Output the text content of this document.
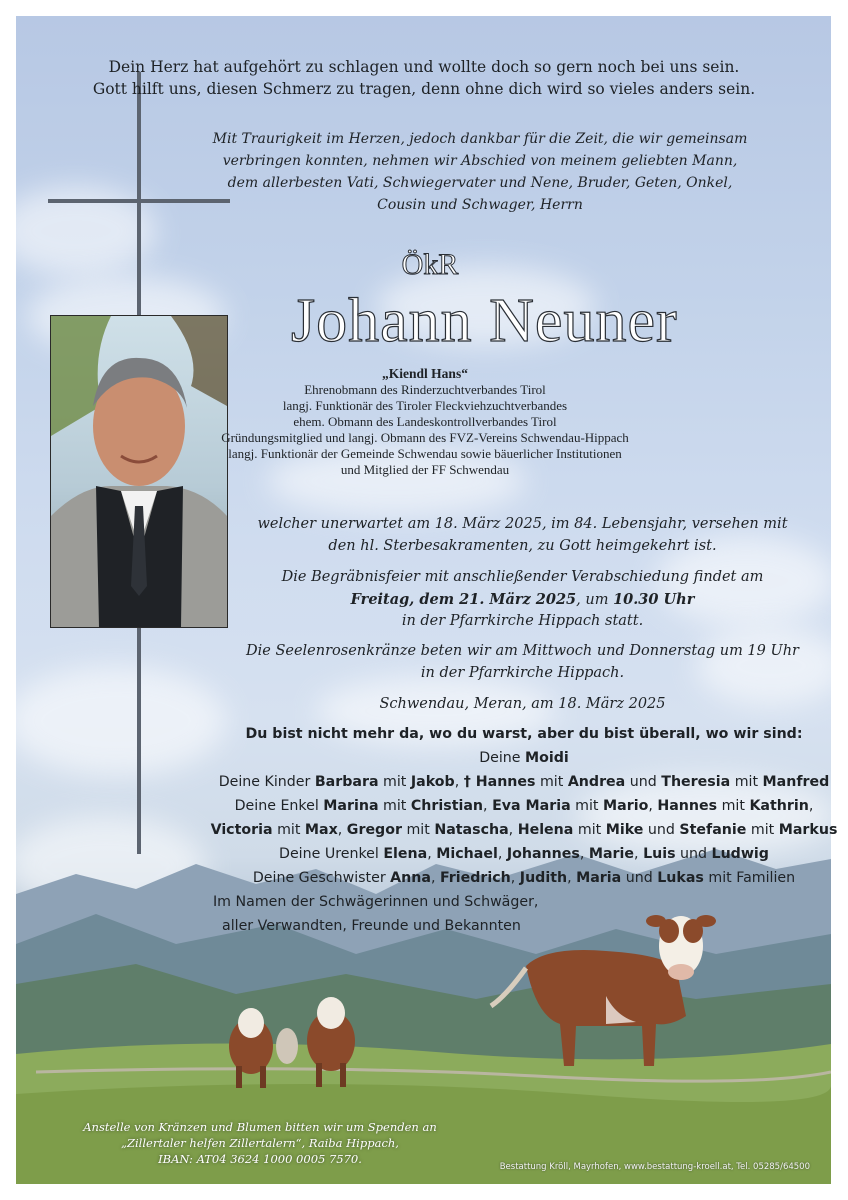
Dein Herz hat aufgehört zu schlagen und wollte doch so gern noch bei uns sein.

Gott hilft uns, diesen Schmerz zu tragen, denn ohne dich wird so vieles anders sein.

Mit Traurigkeit im Herzen, jedoch dankbar für die Zeit, die wir gemeinsam

verbringen konnten, nehmen wir Abschied von meinem geliebten Mann,

dem allerbesten Vati, Schwiegervater und Nene, Bruder, Geten, Onkel,

Cousin und Schwager, Herrn

ÖkR

Johann Neuner

„Kiendl Hans“

Ehrenobmann des Rinderzuchtverbandes Tirol

langj. Funktionär des Tiroler Fleckviehzuchtverbandes

ehem. Obmann des Landeskontrollverbandes Tirol

Gründungsmitglied und langj. Obmann des FVZ-Vereins Schwendau-Hippach

langj. Funktionär der Gemeinde Schwendau sowie bäuerlicher Institutionen

und Mitglied der FF Schwendau

welcher unerwartet am 18. März 2025, im 84. Lebensjahr, versehen mit

den hl. Sterbesakramenten, zu Gott heimgekehrt ist.

Die Begräbnisfeier mit anschließender Verabschiedung findet am

Freitag, dem 21. März 2025, um 10.30 Uhr

in der Pfarrkirche Hippach statt.

Die Seelenrosenkränze beten wir am Mittwoch und Donnerstag um 19 Uhr

in der Pfarrkirche Hippach.

Schwendau, Meran, am 18. März 2025

Du bist nicht mehr da, wo du warst, aber du bist überall, wo wir sind:

Deine Moidi

Deine Kinder Barbara mit Jakob, † Hannes mit Andrea und Theresia mit Manfred

Deine Enkel Marina mit Christian, Eva Maria mit Mario, Hannes mit Kathrin,

Victoria mit Max, Gregor mit Natascha, Helena mit Mike und Stefanie mit Markus

Deine Urenkel Elena, Michael, Johannes, Marie, Luis und Ludwig

Deine Geschwister Anna, Friedrich, Judith, Maria und Lukas mit Familien

Im Namen der Schwägerinnen und Schwäger,

aller Verwandten, Freunde und Bekannten

Anstelle von Kränzen und Blumen bitten wir um Spenden an

„Zillertaler helfen Zillertalern“, Raiba Hippach,

IBAN: AT04 3624 1000 0005 7570.

Bestattung Kröll, Mayrhofen, www.bestattung-kroell.at, Tel. 05285/64500
